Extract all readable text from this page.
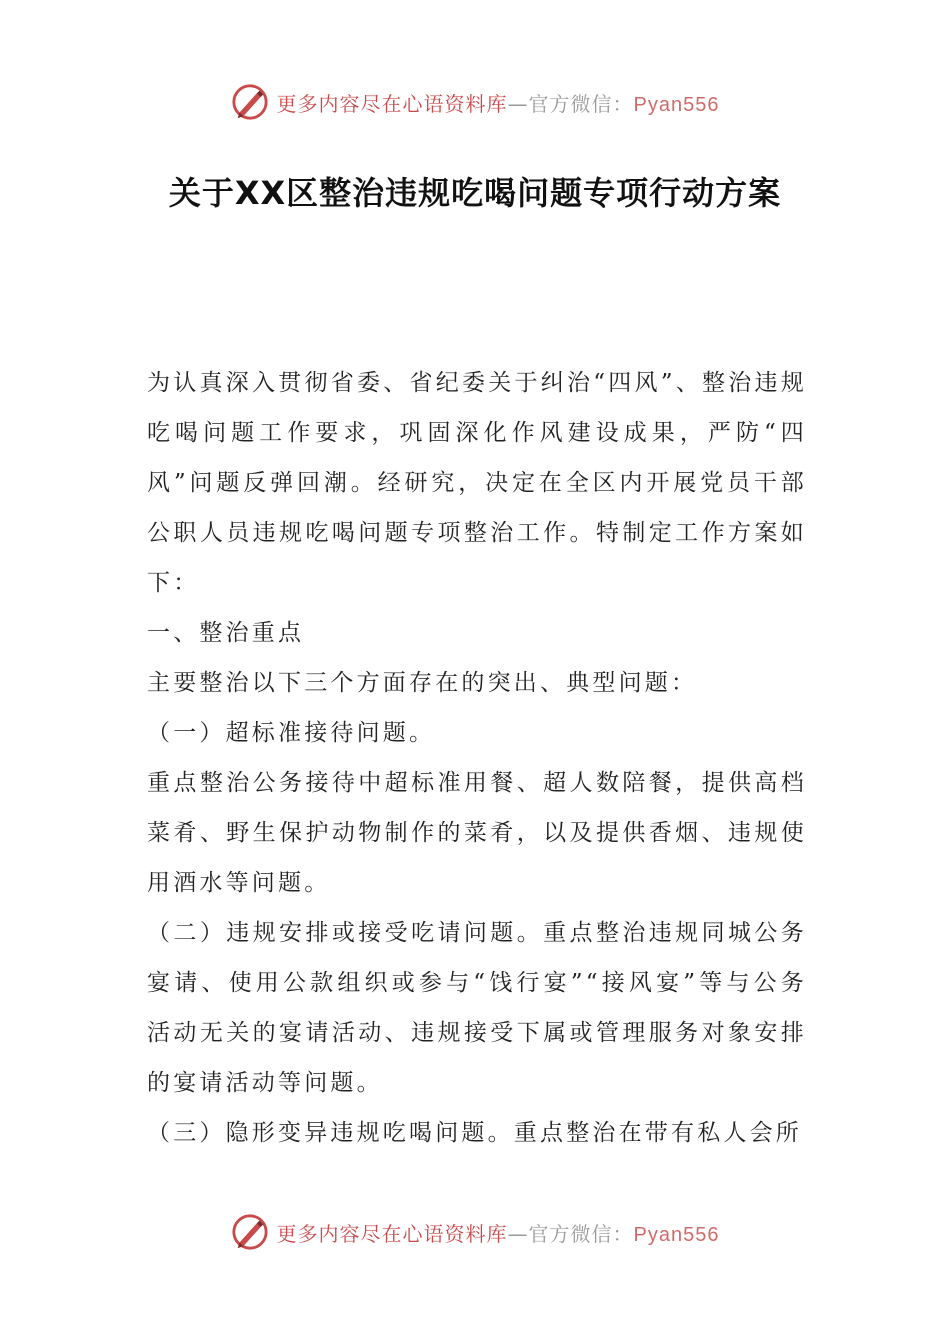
更多内容尽在心语资料库—官方微信：Pyan556
关于XX区整治违规吃喝问题专项行动方案

为认真深入贯彻省委、省纪委关于纠治“四风”、整治违规吃喝问题工作要求，巩固深化作风建设成果，严防“四风”问题反弹回潮。经研究，决定在全区内开展党员干部公职人员违规吃喝问题专项整治工作。特制定工作方案如下：

一、整治重点

主要整治以下三个方面存在的突出、典型问题：

（一）超标准接待问题。

重点整治公务接待中超标准用餐、超人数陪餐，提供高档菜肴、野生保护动物制作的菜肴，以及提供香烟、违规使用酒水等问题。

（二）违规安排或接受吃请问题。重点整治违规同城公务宴请、使用公款组织或参与“饯行宴”“接风宴”等与公务活动无关的宴请活动、违规接受下属或管理服务对象安排的宴请活动等问题。

（三）隐形变异违规吃喝问题。重点整治在带有私人会所

更多内容尽在心语资料库—官方微信：Pyan556
